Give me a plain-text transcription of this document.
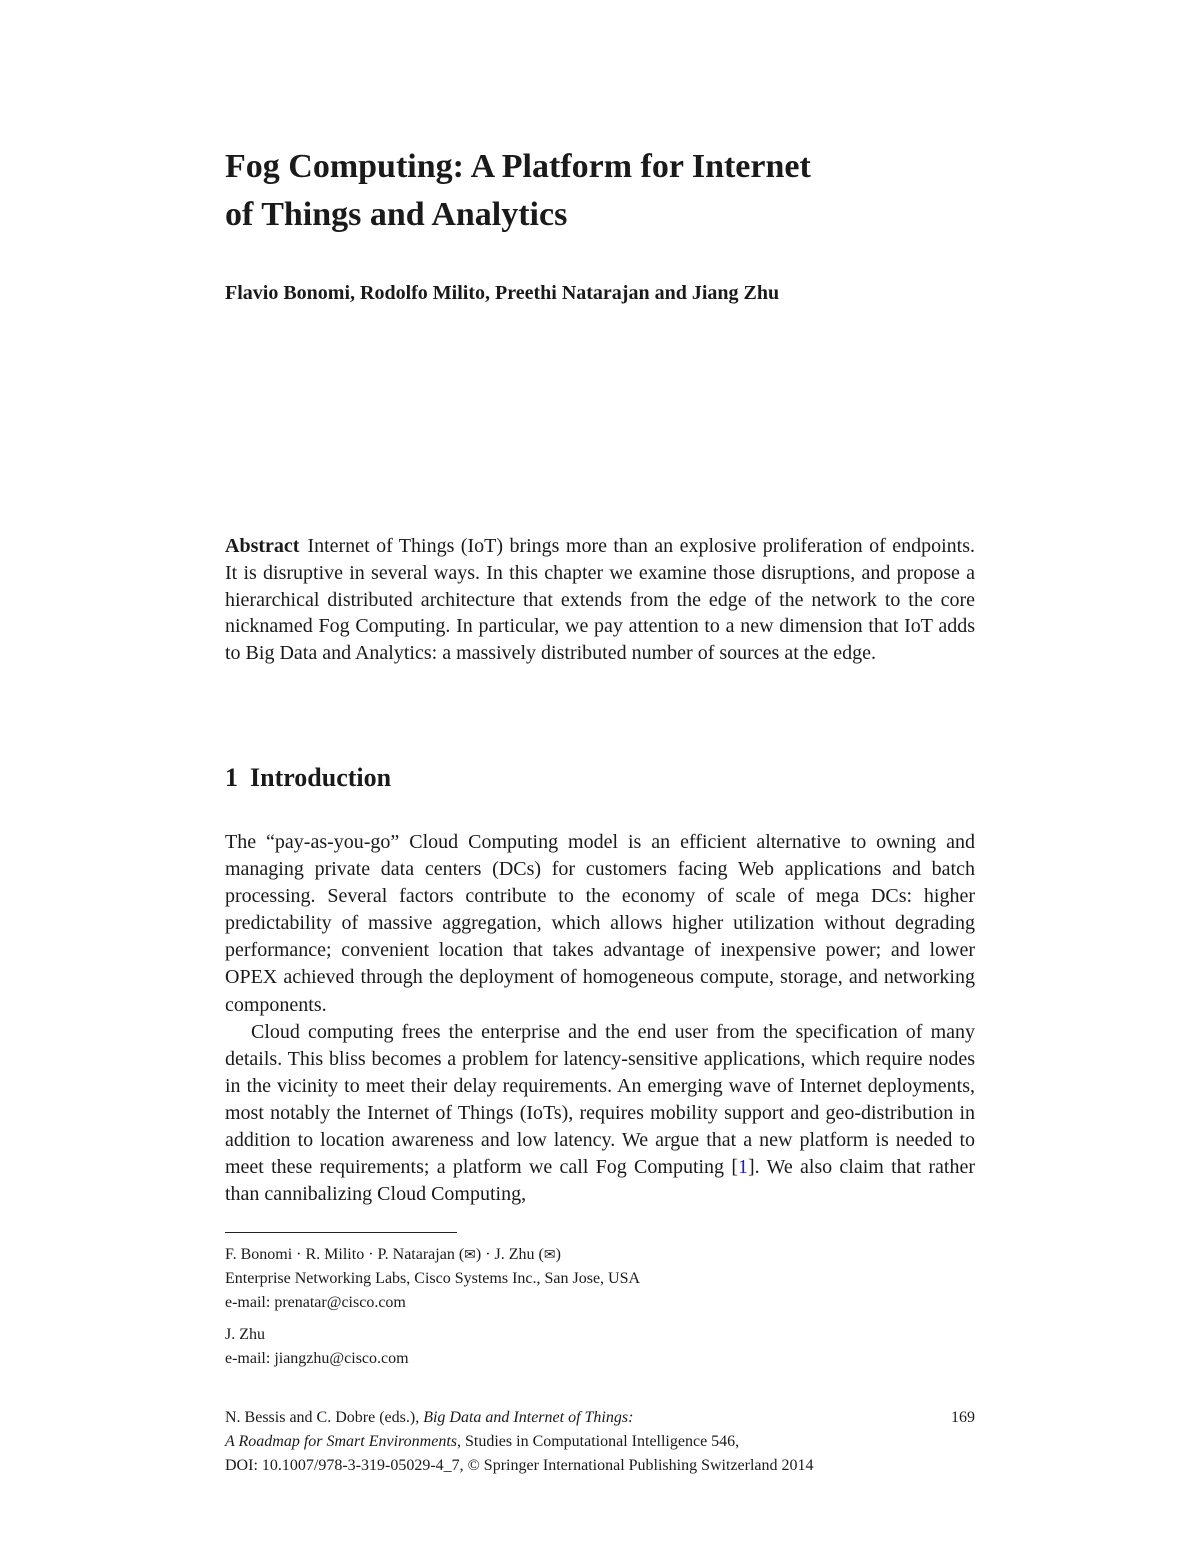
Fog Computing: A Platform for Internet
of Things and Analytics

Flavio Bonomi, Rodolfo Milito, Preethi Natarajan and Jiang Zhu

Abstract Internet of Things (IoT) brings more than an explosive proliferation of endpoints. It is disruptive in several ways. In this chapter we examine those disruptions, and propose a hierarchical distributed architecture that extends from the edge of the network to the core nicknamed Fog Computing. In particular, we pay attention to a new dimension that IoT adds to Big Data and Analytics: a massively distributed number of sources at the edge.

1 Introduction

The “pay-as-you-go” Cloud Computing model is an efficient alternative to owning and managing private data centers (DCs) for customers facing Web applications and batch processing. Several factors contribute to the economy of scale of mega DCs: higher predictability of massive aggregation, which allows higher utilization without degrading performance; convenient location that takes advantage of inexpensive power; and lower OPEX achieved through the deployment of homogeneous compute, storage, and networking components.

Cloud computing frees the enterprise and the end user from the specification of many details. This bliss becomes a problem for latency-sensitive applications, which require nodes in the vicinity to meet their delay requirements. An emerging wave of Internet deployments, most notably the Internet of Things (IoTs), requires mobility support and geo-distribution in addition to location awareness and low latency. We argue that a new platform is needed to meet these requirements; a platform we call Fog Computing [1]. We also claim that rather than cannibalizing Cloud Computing,

F. Bonomi · R. Milito · P. Natarajan (✉) · J. Zhu (✉)
Enterprise Networking Labs, Cisco Systems Inc., San Jose, USA
e-mail: prenatar@cisco.com
J. Zhu
e-mail: jiangzhu@cisco.com
N. Bessis and C. Dobre (eds.), Big Data and Internet of Things:
A Roadmap for Smart Environments, Studies in Computational Intelligence 546,
DOI: 10.1007/978-3-319-05029-4_7, © Springer International Publishing Switzerland 2014
169
